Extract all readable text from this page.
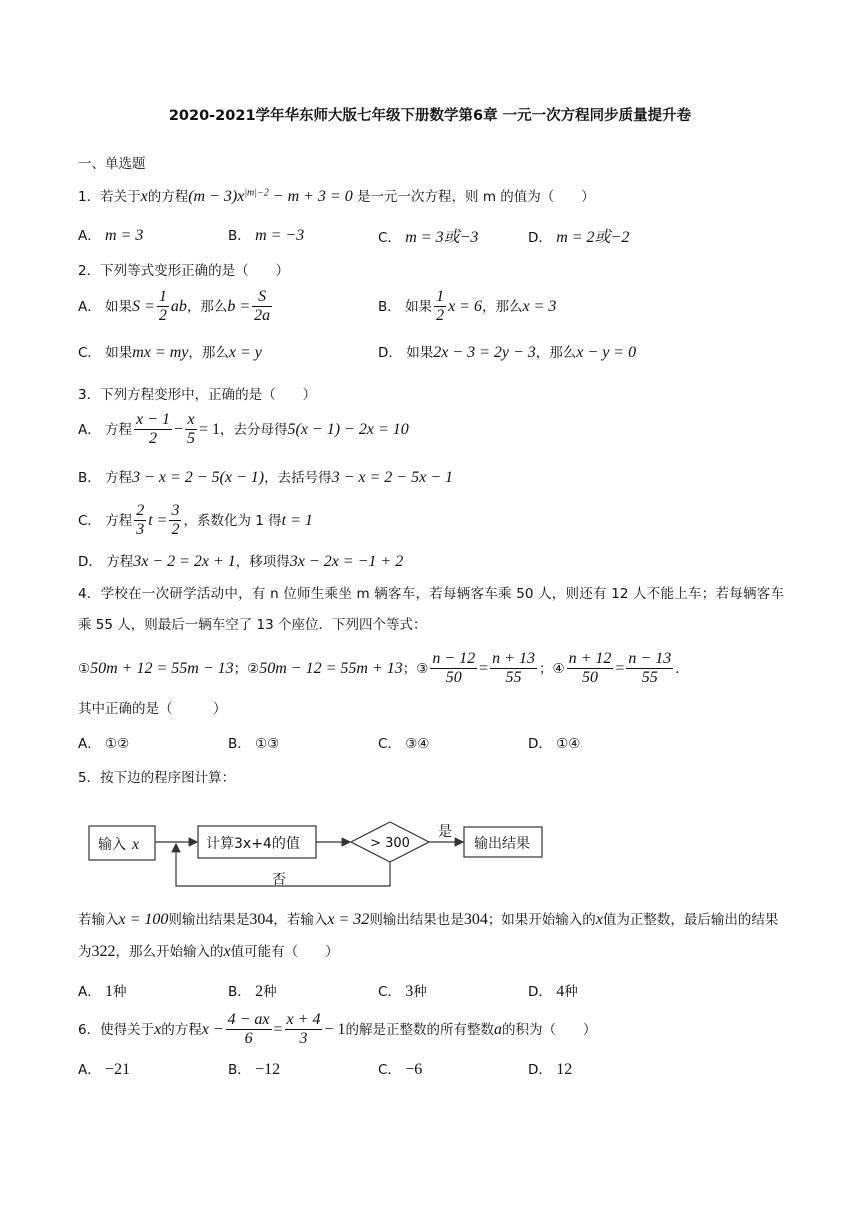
2020-2021学年华东师大版七年级下册数学第6章 一元一次方程同步质量提升卷
一、单选题
1．若关于x的方程$(m - 3)x^{|m|-2} - m + 3 = 0$ 是一元一次方程，则 m 的值为（　　）
A． m = 3	B． m = −3	C． m = 3或−3	D． m = 2或−2
2．下列等式变形正确的是（　　）
A． 如果$S = \frac{1}{2}$ ab，那么$b = \frac{S}{2a}$	B． 如果 $\frac{1}{2}$ x = 6，那么x = 3
C． 如果mx = my，那么x = y	D． 如果2x − 3 = 2y − 3，那么x − y = 0
3．下列方程变形中，正确的是（　　）
A． 方程 $\frac{x - 1}{2} - \frac{x}{5} = 1$，去分母得5(x − 1) − 2x = 10
B． 方程3 − x = 2 − 5(x − 1)，去括号得3 − x = 2 − 5x − 1
C． 方程 $\frac{2}{3}$ $t = \frac{3}{2}$ ，系数化为 1 得t = 1
D． 方程3x − 2 = 2x + 1，移项得3x − 2x = −1 + 2
4．学校在一次研学活动中，有 n 位师生乘坐 m 辆客车，若每辆客车乘 50 人，则还有 12 人不能上车；若每辆客车乘 55 人，则最后一辆车空了 13 个座位．下列四个等式：
①50m + 12 = 55m − 13；②50m − 12 = 55m + 13；③ $\frac{n - 12}{50} = \frac{n + 13}{55}$ ；④ $\frac{n + 12}{50} = \frac{n - 13}{55}$ ．
其中正确的是（　　　）
A． ①②	B． ①③	C． ③④	D． ①④
5．按下边的程序图计算：
输入 x	计算3x+4的值	> 300
是
输出结果
否
若输入x = 100则输出结果是304，若输入x = 32则输出结果也是304；如果开始输入的x值为正整数，最后输出的结果为322，那么开始输入的x值可能有（　　）
A． 1种	B． 2种	C． 3种	D． 4种
6．使得关于x的方程$x - \frac{4 - ax}{6} = \frac{x + 4}{3} - 1$的解是正整数的所有整数a的积为（　　）
A． −21	B． −12	C． −6	D． 12
